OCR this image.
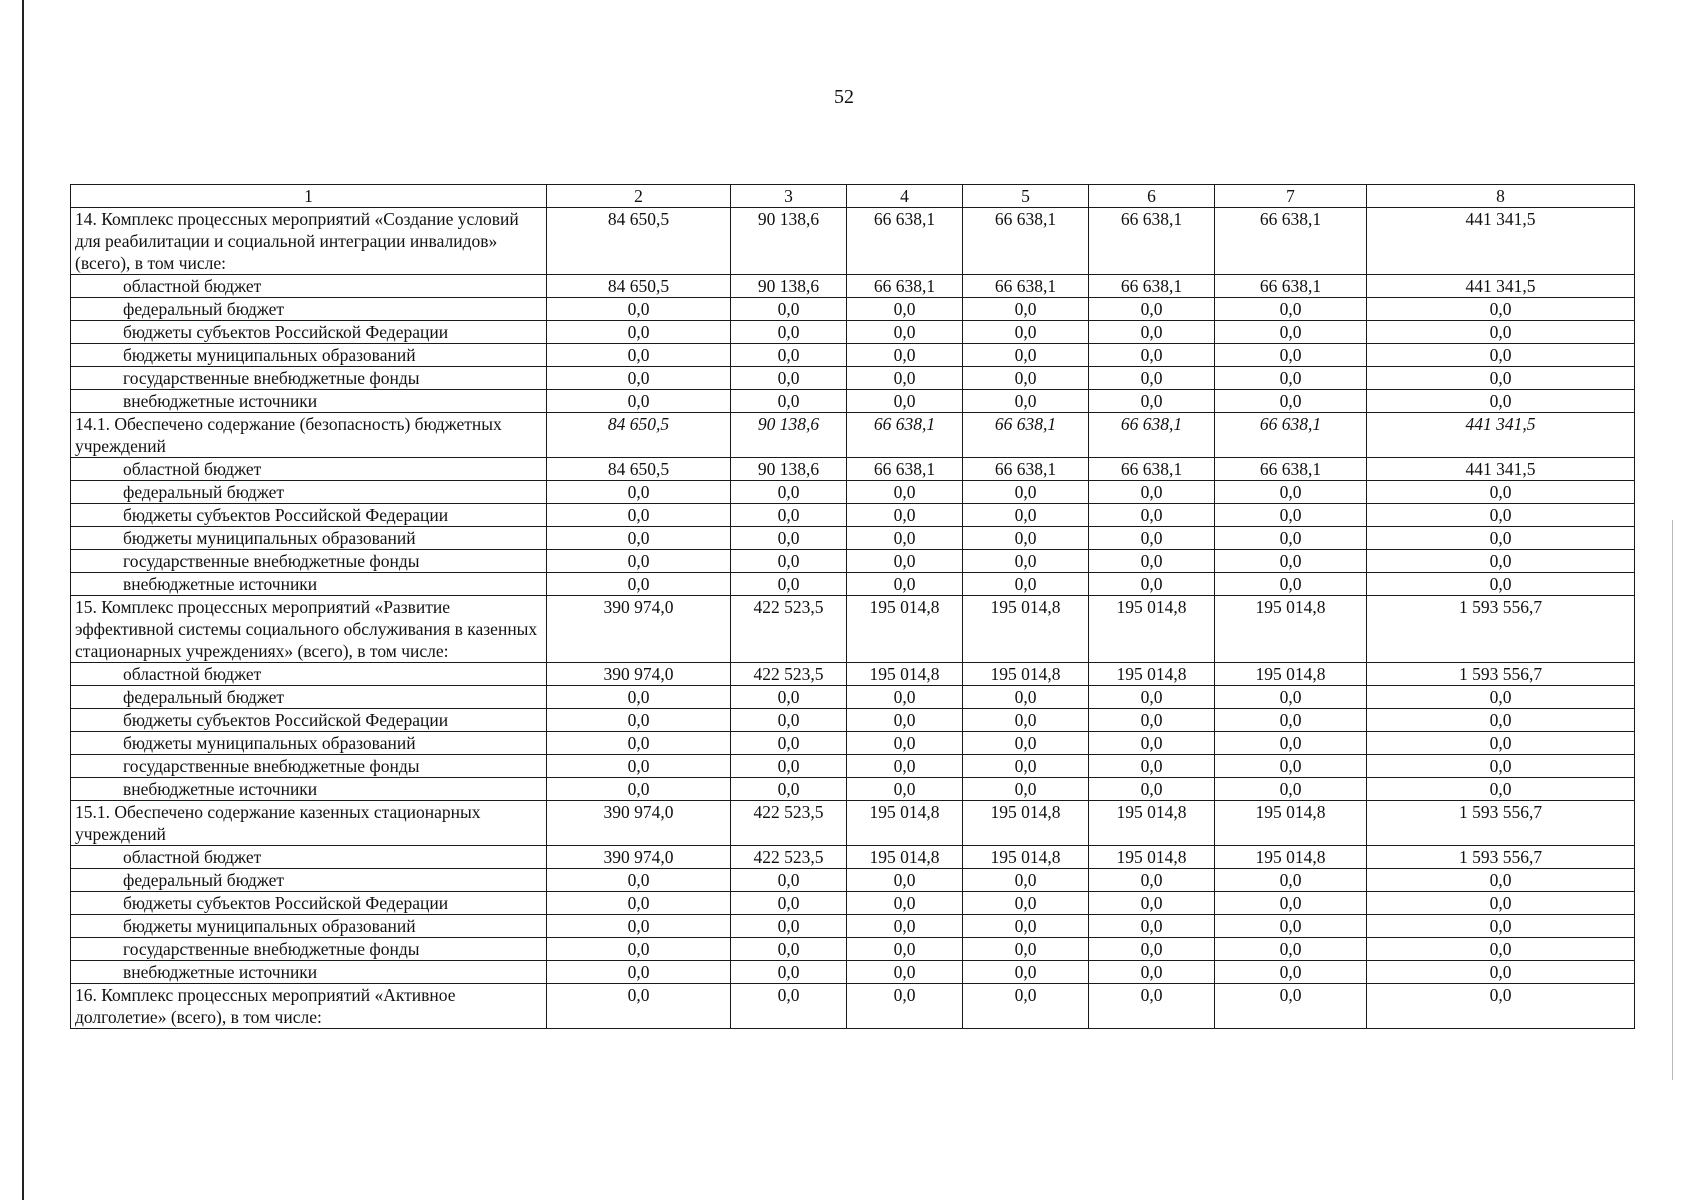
52
1	2	3	4	5	6	7	8
14. Комплекс процессных мероприятий «Создание условий для реабилитации и социальной интеграции инвалидов» (всего), в том числе:	84 650,5	90 138,6	66 638,1	66 638,1	66 638,1	66 638,1	441 341,5
областной бюджет	84 650,5	90 138,6	66 638,1	66 638,1	66 638,1	66 638,1	441 341,5
федеральный бюджет	0,0	0,0	0,0	0,0	0,0	0,0	0,0
бюджеты субъектов Российской Федерации	0,0	0,0	0,0	0,0	0,0	0,0	0,0
бюджеты муниципальных образований	0,0	0,0	0,0	0,0	0,0	0,0	0,0
государственные внебюджетные фонды	0,0	0,0	0,0	0,0	0,0	0,0	0,0
внебюджетные источники	0,0	0,0	0,0	0,0	0,0	0,0	0,0
14.1. Обеспечено содержание (безопасность) бюджетных учреждений	84 650,5	90 138,6	66 638,1	66 638,1	66 638,1	66 638,1	441 341,5
областной бюджет	84 650,5	90 138,6	66 638,1	66 638,1	66 638,1	66 638,1	441 341,5
федеральный бюджет	0,0	0,0	0,0	0,0	0,0	0,0	0,0
бюджеты субъектов Российской Федерации	0,0	0,0	0,0	0,0	0,0	0,0	0,0
бюджеты муниципальных образований	0,0	0,0	0,0	0,0	0,0	0,0	0,0
государственные внебюджетные фонды	0,0	0,0	0,0	0,0	0,0	0,0	0,0
внебюджетные источники	0,0	0,0	0,0	0,0	0,0	0,0	0,0
15. Комплекс процессных мероприятий «Развитие эффективной системы социального обслуживания в казенных стационарных учреждениях» (всего), в том числе:	390 974,0	422 523,5	195 014,8	195 014,8	195 014,8	195 014,8	1 593 556,7
областной бюджет	390 974,0	422 523,5	195 014,8	195 014,8	195 014,8	195 014,8	1 593 556,7
федеральный бюджет	0,0	0,0	0,0	0,0	0,0	0,0	0,0
бюджеты субъектов Российской Федерации	0,0	0,0	0,0	0,0	0,0	0,0	0,0
бюджеты муниципальных образований	0,0	0,0	0,0	0,0	0,0	0,0	0,0
государственные внебюджетные фонды	0,0	0,0	0,0	0,0	0,0	0,0	0,0
внебюджетные источники	0,0	0,0	0,0	0,0	0,0	0,0	0,0
15.1. Обеспечено содержание казенных стационарных учреждений	390 974,0	422 523,5	195 014,8	195 014,8	195 014,8	195 014,8	1 593 556,7
областной бюджет	390 974,0	422 523,5	195 014,8	195 014,8	195 014,8	195 014,8	1 593 556,7
федеральный бюджет	0,0	0,0	0,0	0,0	0,0	0,0	0,0
бюджеты субъектов Российской Федерации	0,0	0,0	0,0	0,0	0,0	0,0	0,0
бюджеты муниципальных образований	0,0	0,0	0,0	0,0	0,0	0,0	0,0
государственные внебюджетные фонды	0,0	0,0	0,0	0,0	0,0	0,0	0,0
внебюджетные источники	0,0	0,0	0,0	0,0	0,0	0,0	0,0
16. Комплекс процессных мероприятий «Активное долголетие» (всего), в том числе:	0,0	0,0	0,0	0,0	0,0	0,0	0,0
